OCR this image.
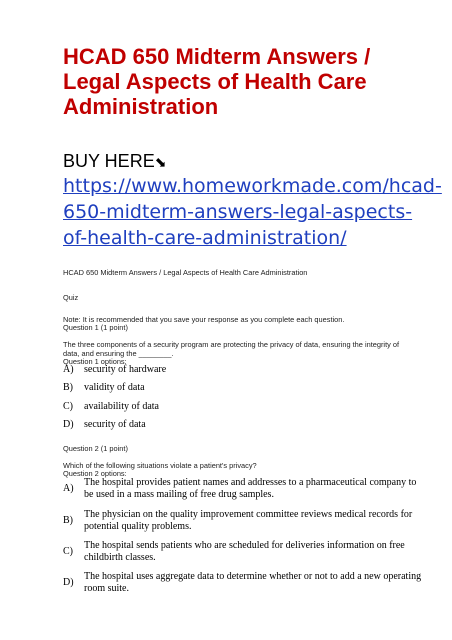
HCAD 650 Midterm Answers / Legal Aspects of Health Care Administration
BUY HERE⬊
https://www.homeworkmade.com/hcad-650-midterm-answers-legal-aspects-of-health-care-administration/
HCAD 650 Midterm Answers / Legal Aspects of Health Care Administration
Quiz
Note: It is recommended that you save your response as you complete each question.
Question 1 (1 point)
The three components of a security program are protecting the privacy of data, ensuring the integrity of data, and ensuring the ________.
Question 1 options:
A)	security of hardware
B)	validity of data
C)	availability of data
D)	security of data
Question 2 (1 point)
Which of the following situations violate a patient's privacy?
Question 2 options:
A)
The hospital provides patient names and addresses to a pharmaceutical company to be used in a mass mailing of free drug samples.
B)
The physician on the quality improvement committee reviews medical records for potential quality problems.
C)
The hospital sends patients who are scheduled for deliveries information on free childbirth classes.
D)
The hospital uses aggregate data to determine whether or not to add a new operating room suite.
